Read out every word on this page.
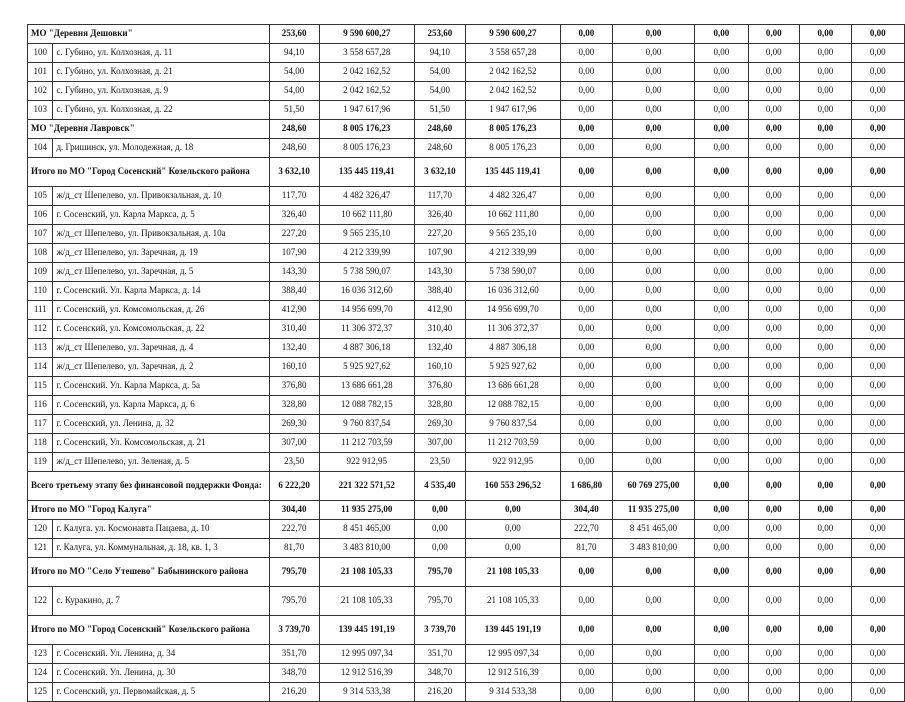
МО "Деревня Дешовки"		253,60	9 590 600,27	253,60	9 590 600,27	0,00	0,00	0,00	0,00	0,00	0,00
100	с. Губино, ул. Колхозная, д. 11	94,10	3 558 657,28	94,10	3 558 657,28	0,00	0,00	0,00	0,00	0,00	0,00
101	с. Губино, ул. Колхозная, д. 21	54,00	2 042 162,52	54,00	2 042 162,52	0,00	0,00	0,00	0,00	0,00	0,00
102	с. Губино, ул. Колхозная, д. 9	54,00	2 042 162,52	54,00	2 042 162,52	0,00	0,00	0,00	0,00	0,00	0,00
103	с. Губино, ул. Колхозная, д. 22	51,50	1 947 617,96	51,50	1 947 617,96	0,00	0,00	0,00	0,00	0,00	0,00
МО "Деревня Лавровск"		248,60	8 005 176,23	248,60	8 005 176,23	0,00	0,00	0,00	0,00	0,00	0,00
104	д. Гришинск, ул. Молодежная, д. 18	248,60	8 005 176,23	248,60	8 005 176,23	0,00	0,00	0,00	0,00	0,00	0,00
Итого по МО "Город Сосенский" Козельского района		3 632,10	135 445 119,41	3 632,10	135 445 119,41	0,00	0,00	0,00	0,00	0,00	0,00
105	ж/д_ст Шепелево, ул. Привокзальная, д. 10	117,70	4 482 326,47	117,70	4 482 326,47	0,00	0,00	0,00	0,00	0,00	0,00
106	г. Сосенский, ул. Карла Маркса, д. 5	326,40	10 662 111,80	326,40	10 662 111,80	0,00	0,00	0,00	0,00	0,00	0,00
107	ж/д_ст Шепелево, ул. Привокзальная, д. 10а	227,20	9 565 235,10	227,20	9 565 235,10	0,00	0,00	0,00	0,00	0,00	0,00
108	ж/д_ст Шепелево, ул. Заречная, д. 19	107,90	4 212 339,99	107,90	4 212 339,99	0,00	0,00	0,00	0,00	0,00	0,00
109	ж/д_ст Шепелево, ул. Заречная, д. 5	143,30	5 738 590,07	143,30	5 738 590,07	0,00	0,00	0,00	0,00	0,00	0,00
110	г. Сосенский. Ул. Карла Маркса, д. 14	388,40	16 036 312,60	388,40	16 036 312,60	0,00	0,00	0,00	0,00	0,00	0,00
111	г. Сосенский, ул. Комсомольская, д. 26	412,90	14 956 699,70	412,90	14 956 699,70	0,00	0,00	0,00	0,00	0,00	0,00
112	г. Сосенский, ул. Комсомольская, д. 22	310,40	11 306 372,37	310,40	11 306 372,37	0,00	0,00	0,00	0,00	0,00	0,00
113	ж/д_ст Шепелево, ул. Заречная, д. 4	132,40	4 887 306,18	132,40	4 887 306,18	0,00	0,00	0,00	0,00	0,00	0,00
114	ж/д_ст Шепелево, ул. Заречная, д. 2	160,10	5 925 927,62	160,10	5 925 927,62	0,00	0,00	0,00	0,00	0,00	0,00
115	г. Сосенский. Ул. Карла Маркса, д. 5а	376,80	13 686 661,28	376,80	13 686 661,28	0,00	0,00	0,00	0,00	0,00	0,00
116	г. Сосенский, ул. Карла Маркса, д. 6	328,80	12 088 782,15	328,80	12 088 782,15	0,00	0,00	0,00	0,00	0,00	0,00
117	г. Сосенский, ул. Ленина, д. 32	269,30	9 760 837,54	269,30	9 760 837,54	0,00	0,00	0,00	0,00	0,00	0,00
118	г. Сосенский, Ул. Комсомольская, д. 21	307,00	11 212 703,59	307,00	11 212 703,59	0,00	0,00	0,00	0,00	0,00	0,00
119	ж/д_ст Шепелево, ул. Зеленая, д. 5	23,50	922 912,95	23,50	922 912,95	0,00	0,00	0,00	0,00	0,00	0,00
Всего третьему этапу без финансовой поддержки Фонда:		6 222,20	221 322 571,52	4 535,40	160 553 296,52	1 686,80	60 769 275,00	0,00	0,00	0,00	0,00
Итого по МО "Город Калуга"		304,40	11 935 275,00	0,00	0,00	304,40	11 935 275,00	0,00	0,00	0,00	0,00
120	г. Калуга. ул. Космонавта Пацаева, д. 10	222,70	8 451 465,00	0,00	0,00	222,70	8 451 465,00	0,00	0,00	0,00	0,00
121	г. Калуга, ул. Коммунальная, д. 18, кв. 1, 3	81,70	3 483 810,00	0,00	0,00	81,70	3 483 810,00	0,00	0,00	0,00	0,00
Итого по МО "Село Утешево" Бабынинского района		795,70	21 108 105,33	795,70	21 108 105,33	0,00	0,00	0,00	0,00	0,00	0,00
122	с. Куракино, д. 7	795,70	21 108 105,33	795,70	21 108 105,33	0,00	0,00	0,00	0,00	0,00	0,00
Итого по МО "Город Сосенский" Козельского района		3 739,70	139 445 191,19	3 739,70	139 445 191,19	0,00	0,00	0,00	0,00	0,00	0,00
123	г. Сосенский. Ул. Ленина, д. 34	351,70	12 995 097,34	351,70	12 995 097,34	0,00	0,00	0,00	0,00	0,00	0,00
124	г. Сосенский. Ул. Ленина, д. 30	348,70	12 912 516,39	348,70	12 912 516,39	0,00	0,00	0,00	0,00	0,00	0,00
125	г. Сосенский, ул. Первомайская, д. 5	216,20	9 314 533,38	216,20	9 314 533,38	0,00	0,00	0,00	0,00	0,00	0,00
